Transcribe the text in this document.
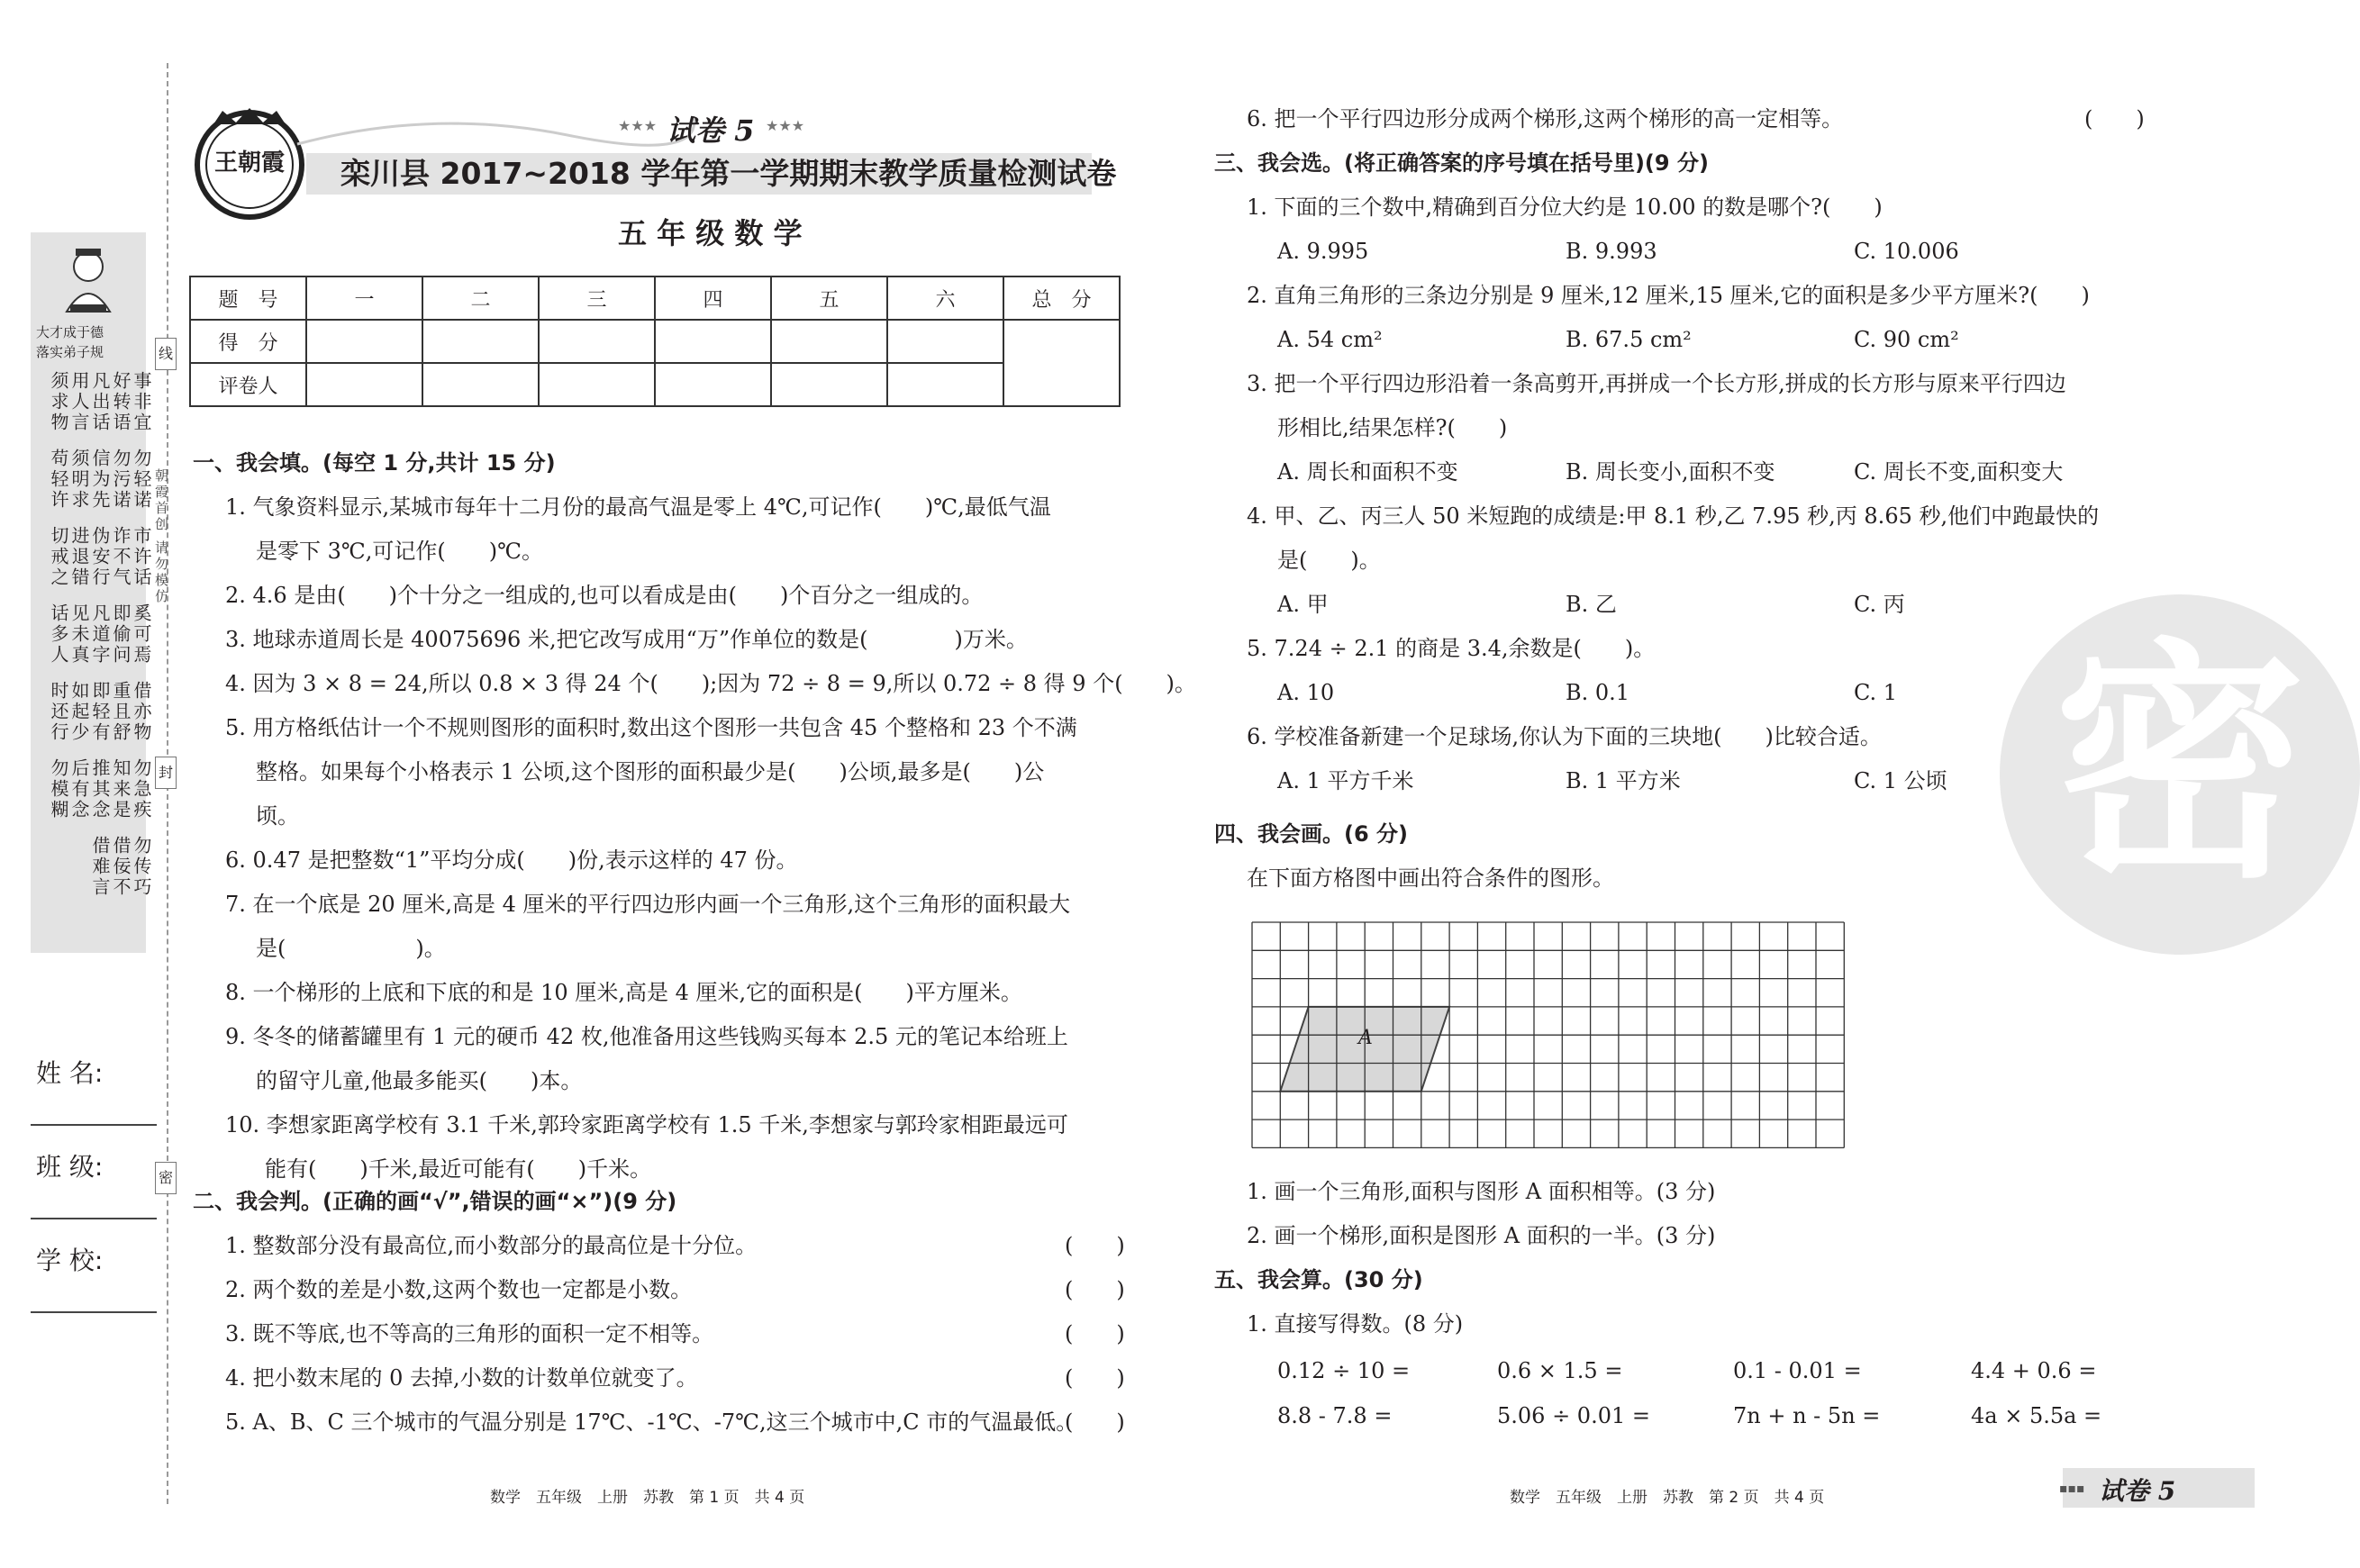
线
朝霞首创 请勿模仿
封
密
大才成于德
落实弟子规
事非宜
好转语
凡出话
用人言
须求物
勿轻诺
勿污诺
信为先
须明求
苟轻许
市许话
诈不气
伪安行
进退错
切戒之
奚可焉
即偷问
凡道字
见未真
话多人
借亦物
重且舒
即轻有
如起少
时还行
勿急疾
知来是
推其念
后有念
勿模糊
勿传巧
借佞不
借难言
姓 名:
班 级:
学 校:
王朝霞
★★★ 试卷 5 ★★★
栾川县 2017~2018 学年第一学期期末教学质量检测试卷
五 年 级 数 学
题　号	一	二	三	四	五	六	总　分
得　分							
评卷人							
一、我会填。(每空 1 分,共计 15 分)
1. 气象资料显示,某城市每年十二月份的最高气温是零上 4℃,可记作(　　)℃,最低气温
是零下 3℃,可记作(　　)℃。
2. 4.6 是由(　　)个十分之一组成的,也可以看成是由(　　)个百分之一组成的。
3. 地球赤道周长是 40075696 米,把它改写成用“万”作单位的数是(　　　　)万米。
4. 因为 3 × 8 = 24,所以 0.8 × 3 得 24 个(　　);因为 72 ÷ 8 = 9,所以 0.72 ÷ 8 得 9 个(　　)。
5. 用方格纸估计一个不规则图形的面积时,数出这个图形一共包含 45 个整格和 23 个不满
整格。如果每个小格表示 1 公顷,这个图形的面积最少是(　　)公顷,最多是(　　)公
顷。
6. 0.47 是把整数“1”平均分成(　　)份,表示这样的 47 份。
7. 在一个底是 20 厘米,高是 4 厘米的平行四边形内画一个三角形,这个三角形的面积最大
是(　　　　　　)。
8. 一个梯形的上底和下底的和是 10 厘米,高是 4 厘米,它的面积是(　　)平方厘米。
9. 冬冬的储蓄罐里有 1 元的硬币 42 枚,他准备用这些钱购买每本 2.5 元的笔记本给班上
的留守儿童,他最多能买(　　)本。
10. 李想家距离学校有 3.1 千米,郭玲家距离学校有 1.5 千米,李想家与郭玲家相距最远可
能有(　　)千米,最近可能有(　　)千米。
二、我会判。(正确的画“√”,错误的画“×”)(9 分)
1. 整数部分没有最高位,而小数部分的最高位是十分位。	(　　)
2. 两个数的差是小数,这两个数也一定都是小数。	(　　)
3. 既不等底,也不等高的三角形的面积一定不相等。	(　　)
4. 把小数末尾的 0 去掉,小数的计数单位就变了。	(　　)
5. A、B、C 三个城市的气温分别是 17℃、-1℃、-7℃,这三个城市中,C 市的气温最低。
(　　)
数学　五年级　上册　苏教　第 1 页　共 4 页
6. 把一个平行四边形分成两个梯形,这两个梯形的高一定相等。	(　　)
三、我会选。(将正确答案的序号填在括号里)(9 分)
1. 下面的三个数中,精确到百分位大约是 10.00 的数是哪个?(　　)
A. 9.995	B. 9.993	C. 10.006
2. 直角三角形的三条边分别是 9 厘米,12 厘米,15 厘米,它的面积是多少平方厘米?(　　)
A. 54 cm²	B. 67.5 cm²	C. 90 cm²
3. 把一个平行四边形沿着一条高剪开,再拼成一个长方形,拼成的长方形与原来平行四边
形相比,结果怎样?(　　)
A. 周长和面积不变	B. 周长变小,面积不变	C. 周长不变,面积变大
4. 甲、乙、丙三人 50 米短跑的成绩是:甲 8.1 秒,乙 7.95 秒,丙 8.65 秒,他们中跑最快的
是(　　)。
A. 甲	B. 乙	C. 丙
5. 7.24 ÷ 2.1 的商是 3.4,余数是(　　)。
A. 10	B. 0.1	C. 1
6. 学校准备新建一个足球场,你认为下面的三块地(　　)比较合适。
A. 1 平方千米	B. 1 平方米	C. 1 公顷
四、我会画。(6 分)
在下面方格图中画出符合条件的图形。
A
1. 画一个三角形,面积与图形 A 面积相等。(3 分)
2. 画一个梯形,面积是图形 A 面积的一半。(3 分)
五、我会算。(30 分)
1. 直接写得数。(8 分)
0.12 ÷ 10 =	0.6 × 1.5 =	0.1 - 0.01 =	4.4 + 0.6 =
8.8 - 7.8 =	5.06 ÷ 0.01 =	7n + n - 5n =	4a × 5.5a =
数学　五年级　上册　苏教　第 2 页　共 4 页	▪▪▪ 试卷 5
密
